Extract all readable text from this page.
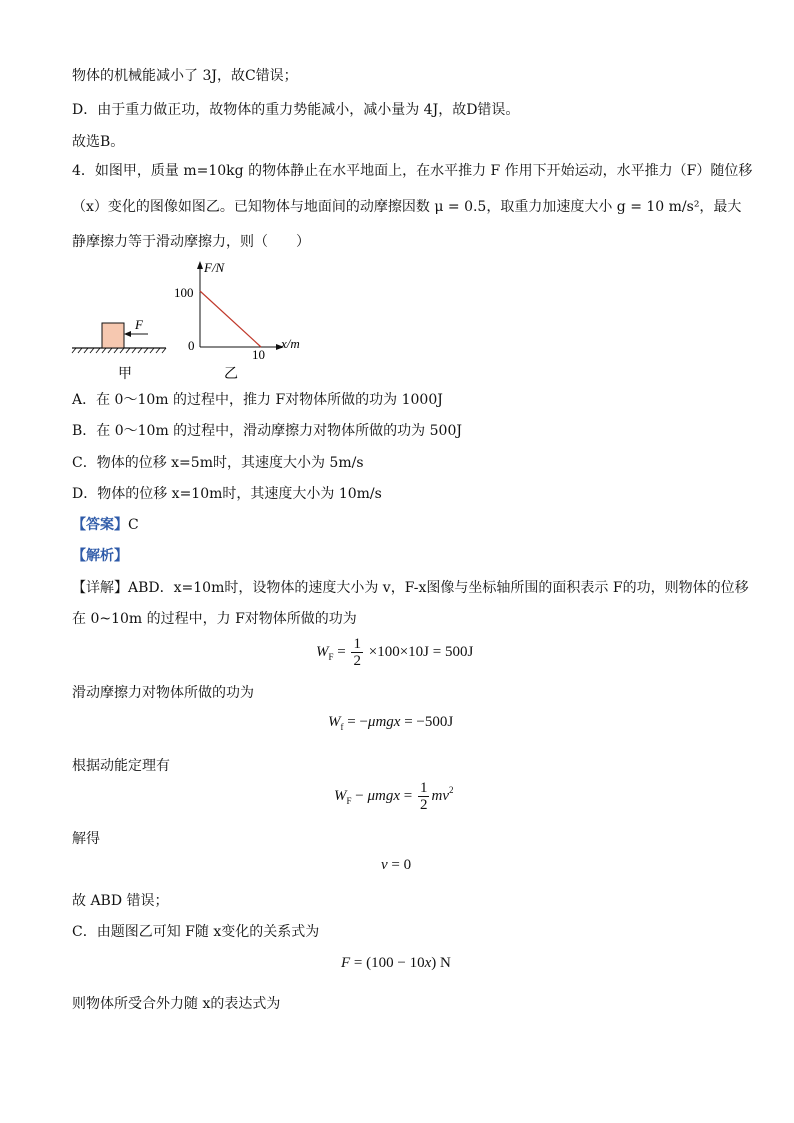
物体的机械能减小了 3J，故C错误；
D．由于重力做正功，故物体的重力势能减小，减小量为 4J，故D错误。
故选B。
4．如图甲，质量 m=10kg 的物体静止在水平地面上，在水平推力 F 作用下开始运动，水平推力（F）随位移
（x）变化的图像如图乙。已知物体与地面间的动摩擦因数 μ = 0.5，取重力加速度大小 g = 10 m/s²，最大
静摩擦力等于滑动摩擦力，则（　　）
F
甲
F/N
100
0
10
x/m
乙
A．在 0～10m 的过程中，推力 F对物体所做的功为 1000J
B．在 0～10m 的过程中，滑动摩擦力对物体所做的功为 500J
C．物体的位移 x=5m时，其速度大小为 5m/s
D．物体的位移 x=10m时，其速度大小为 10m/s
【答案】C
【解析】
【详解】ABD．x=10m时，设物体的速度大小为 v，F-x图像与坐标轴所围的面积表示 F的功，则物体的位移
在 0~10m 的过程中，力 F对物体所做的功为
$W_F = \frac{1}{2} \times 100\times 10J = 500J$
滑动摩擦力对物体所做的功为
$W_f = -\mu mgx = -500J$
根据动能定理有
$W_F - \mu mgx = \frac{1}{2} mv^2$
解得
v = 0
故 ABD 错误；
C．由题图乙可知 F随 x变化的关系式为
F = (100 − 10x) N
则物体所受合外力随 x的表达式为
